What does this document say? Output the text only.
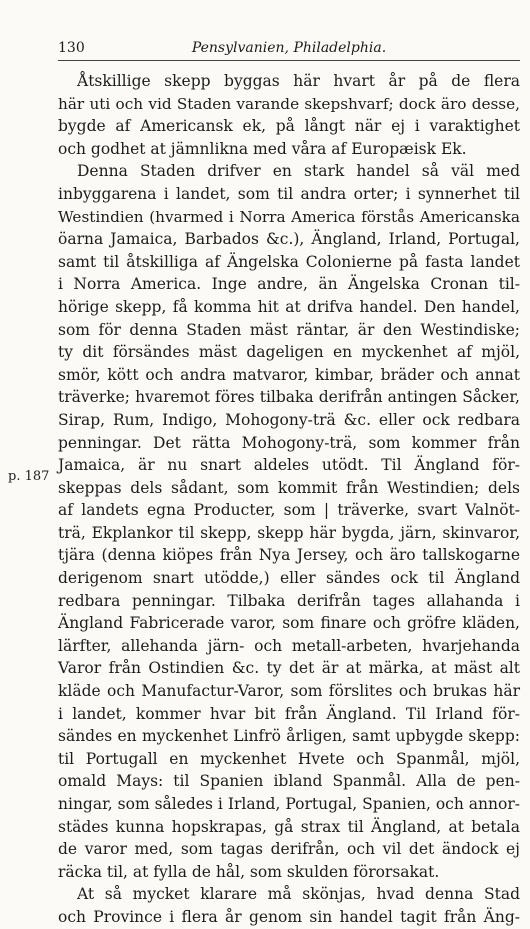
130	Pensylvanien, Philadelphia.
p. 187
Åtskillige skepp byggas här hvart år på de flera
här uti och vid Staden varande skepshvarf; dock äro desse,
bygde af Americansk ek, på långt när ej i varaktighet
och godhet at jämnlikna med våra af Europæisk Ek.
Denna Staden drifver en stark handel så väl med
inbyggarena i landet, som til andra orter; i synnerhet til
Westindien (hvarmed i Norra America förstås Americanska
öarna Jamaica, Barbados &c.), Ängland, Irland, Portugal,
samt til åtskilliga af Ängelska Colonierne på fasta landet
i Norra America. Inge andre, än Ängelska Cronan til-
hörige skepp, få komma hit at drifva handel. Den handel,
som för denna Staden mäst räntar, är den Westindiske;
ty dit försändes mäst dageligen en myckenhet af mjöl,
smör, kött och andra matvaror, kimbar, bräder och annat
träverke; hvaremot föres tilbaka derifrån antingen Såcker,
Sirap, Rum, Indigo, Mohogony-trä &c. eller ock redbara
penningar. Det rätta Mohogony-trä, som kommer från
Jamaica, är nu snart aldeles utödt. Til Ängland för-
skeppas dels sådant, som kommit från Westindien; dels
af landets egna Producter, som | träverke, svart Valnöt-
trä, Ekplankor til skepp, skepp här bygda, järn, skinvaror,
tjära (denna kiöpes från Nya Jersey, och äro tallskogarne
derigenom snart utödde,) eller sändes ock til Ängland
redbara penningar. Tilbaka derifrån tages allahanda i
Ängland Fabricerade varor, som finare och gröfre kläden,
lärfter, allehanda järn- och metall-arbeten, hvarjehanda
Varor från Ostindien &c. ty det är at märka, at mäst alt
kläde och Manufactur-Varor, som förslites och brukas här
i landet, kommer hvar bit från Ängland. Til Irland för-
sändes en myckenhet Linfrö årligen, samt upbygde skepp:
til Portugall en myckenhet Hvete och Spanmål, mjöl,
omald Mays: til Spanien ibland Spanmål. Alla de pen-
ningar, som således i Irland, Portugal, Spanien, och annor-
städes kunna hopskrapas, gå strax til Ängland, at betala
de varor med, som tagas derifrån, och vil det ändock ej
räcka til, at fylla de hål, som skulden förorsakat.
At så mycket klarare må skönjas, hvad denna Stad
och Province i flera år genom sin handel tagit från Äng-
